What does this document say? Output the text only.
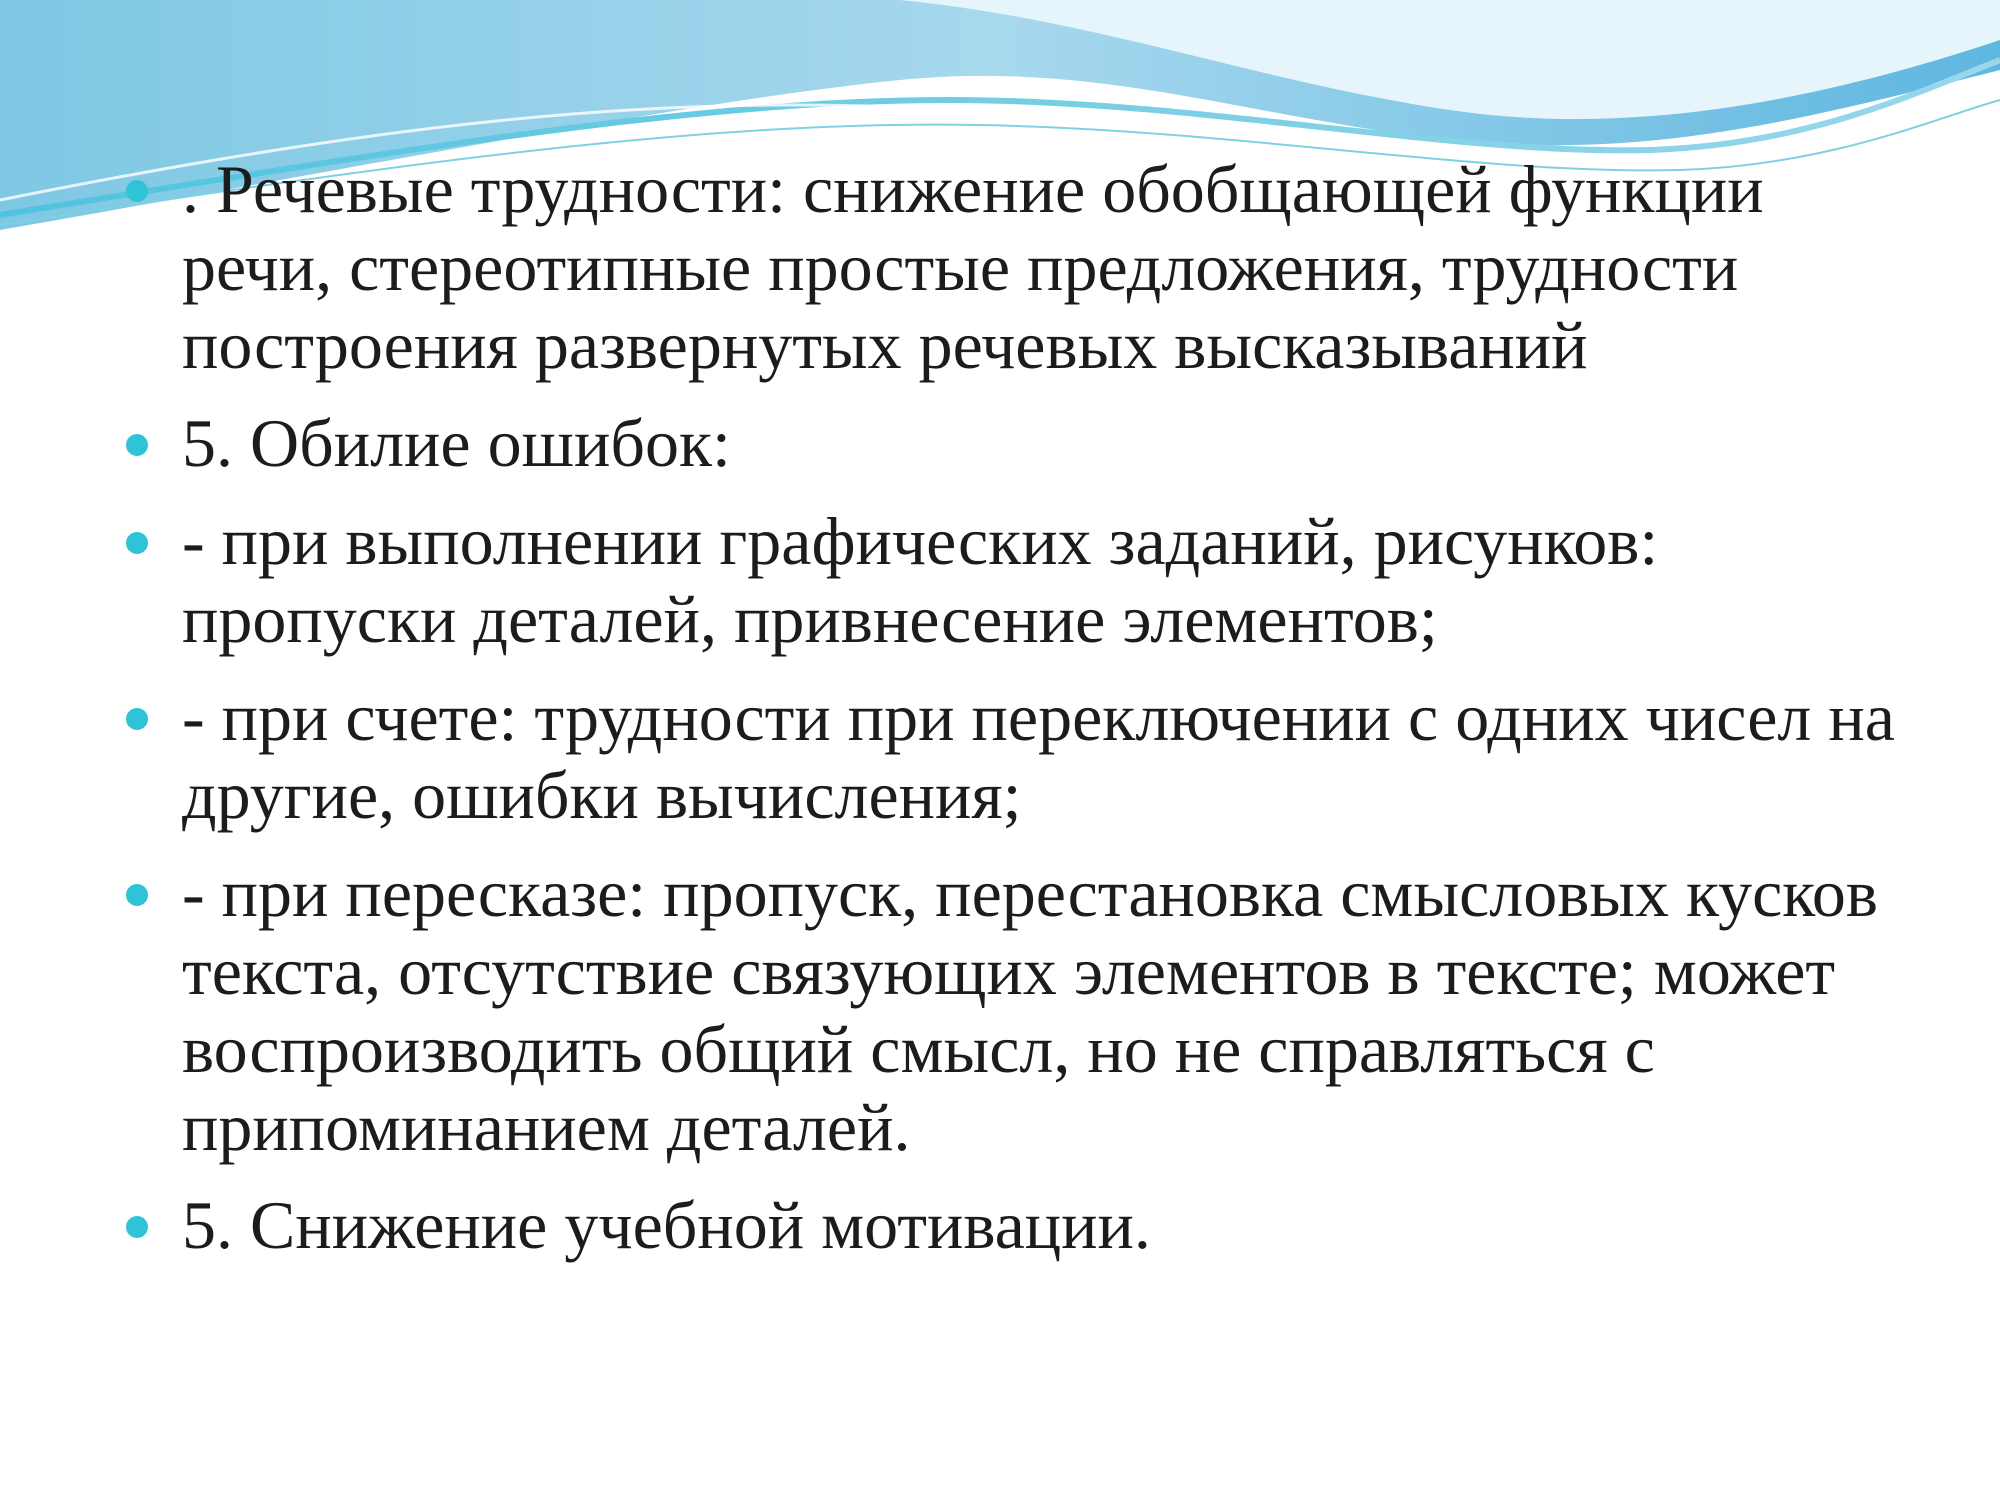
. Речевые трудности: снижение обобщающей функции речи, стереотипные простые предложения, трудности построения развернутых речевых высказываний
5. Обилие ошибок:
- при выполнении графических заданий, рисунков: пропуски деталей, привнесение элементов;
- при счете: трудности при переключении с одних чисел на другие, ошибки вычисления;
- при пересказе: пропуск, перестановка смысловых кусков текста, отсутствие связующих элементов в тексте; может воспроизводить общий смысл, но не справляться с припоминанием деталей.
5. Снижение учебной мотивации.
